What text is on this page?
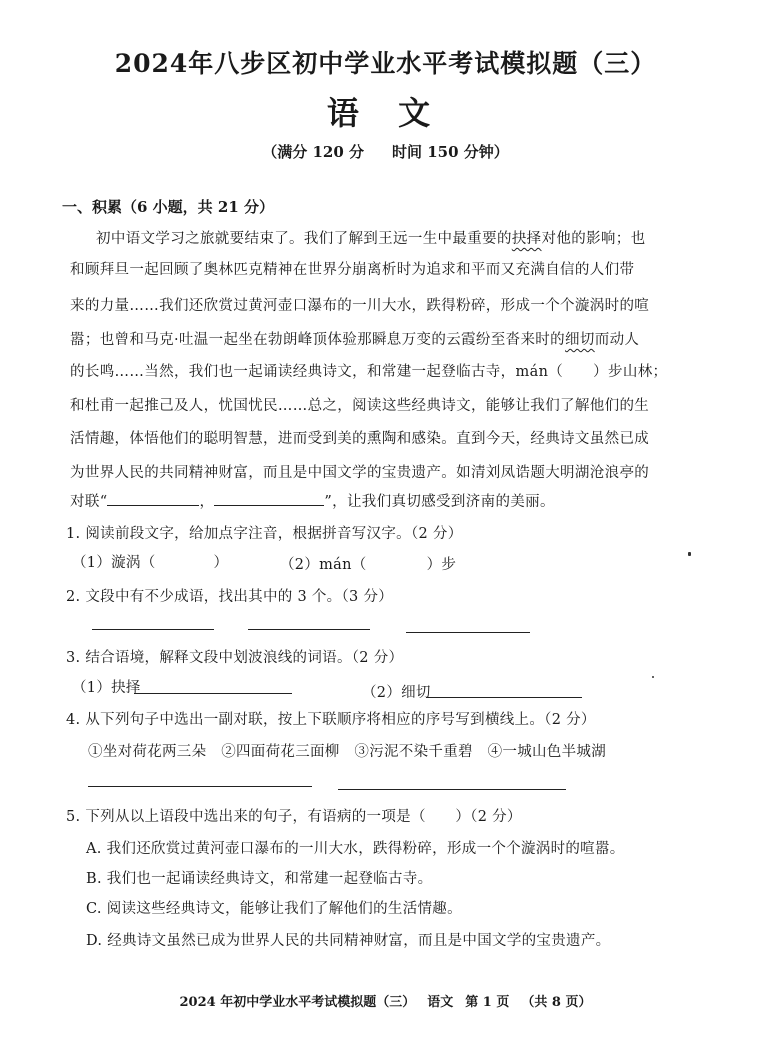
2024年八步区初中学业水平考试模拟题（三）
语 文
（满分 120 分 时间 150 分钟）
一、积累（6 小题，共 21 分）
初中语文学习之旅就要结束了。我们了解到王远一生中最重要的抉择对他的影响；也
和顾拜旦一起回顾了奥林匹克精神在世界分崩离析时为追求和平而又充满自信的人们带
来的力量……我们还欣赏过黄河壶口瀑布的一川大水，跌得粉碎，形成一个个漩涡时的喧
嚣；也曾和马克·吐温一起坐在勃朗峰顶体验那瞬息万变的云霞纷至沓来时的细切而动人
的长鸣……当然，我们也一起诵读经典诗文，和常建一起登临古寺，mán（ ）步山林；
和杜甫一起推己及人，忧国忧民……总之，阅读这些经典诗文，能够让我们了解他们的生
活情趣，体悟他们的聪明智慧，进而受到美的熏陶和感染。直到今天，经典诗文虽然已成
为世界人民的共同精神财富，而且是中国文学的宝贵遗产。如清刘凤诰题大明湖沧浪亭的
对联“	，	”，让我们真切感受到济南的美丽。
1. 阅读前段文字，给加点字注音，根据拼音写汉字。（2 分）
（1）漩涡（	）	（2）mán（	）步
2. 文段中有不少成语，找出其中的 3 个。（3 分）
3. 结合语境，解释文段中划波浪线的词语。（2 分）
（1）抉择	（2）细切
4. 从下列句子中选出一副对联，按上下联顺序将相应的序号写到横线上。（2 分）
①坐对荷花两三朵　②四面荷花三面柳　③污泥不染千重碧　④一城山色半城湖
5. 下列从以上语段中选出来的句子，有语病的一项是（　　）（2 分）
A. 我们还欣赏过黄河壶口瀑布的一川大水，跌得粉碎，形成一个个漩涡时的喧嚣。
B. 我们也一起诵读经典诗文，和常建一起登临古寺。
C. 阅读这些经典诗文，能够让我们了解他们的生活情趣。
D. 经典诗文虽然已成为世界人民的共同精神财富，而且是中国文学的宝贵遗产。
2024 年初中学业水平考试模拟题（三） 语文 第 1 页 （共 8 页）
